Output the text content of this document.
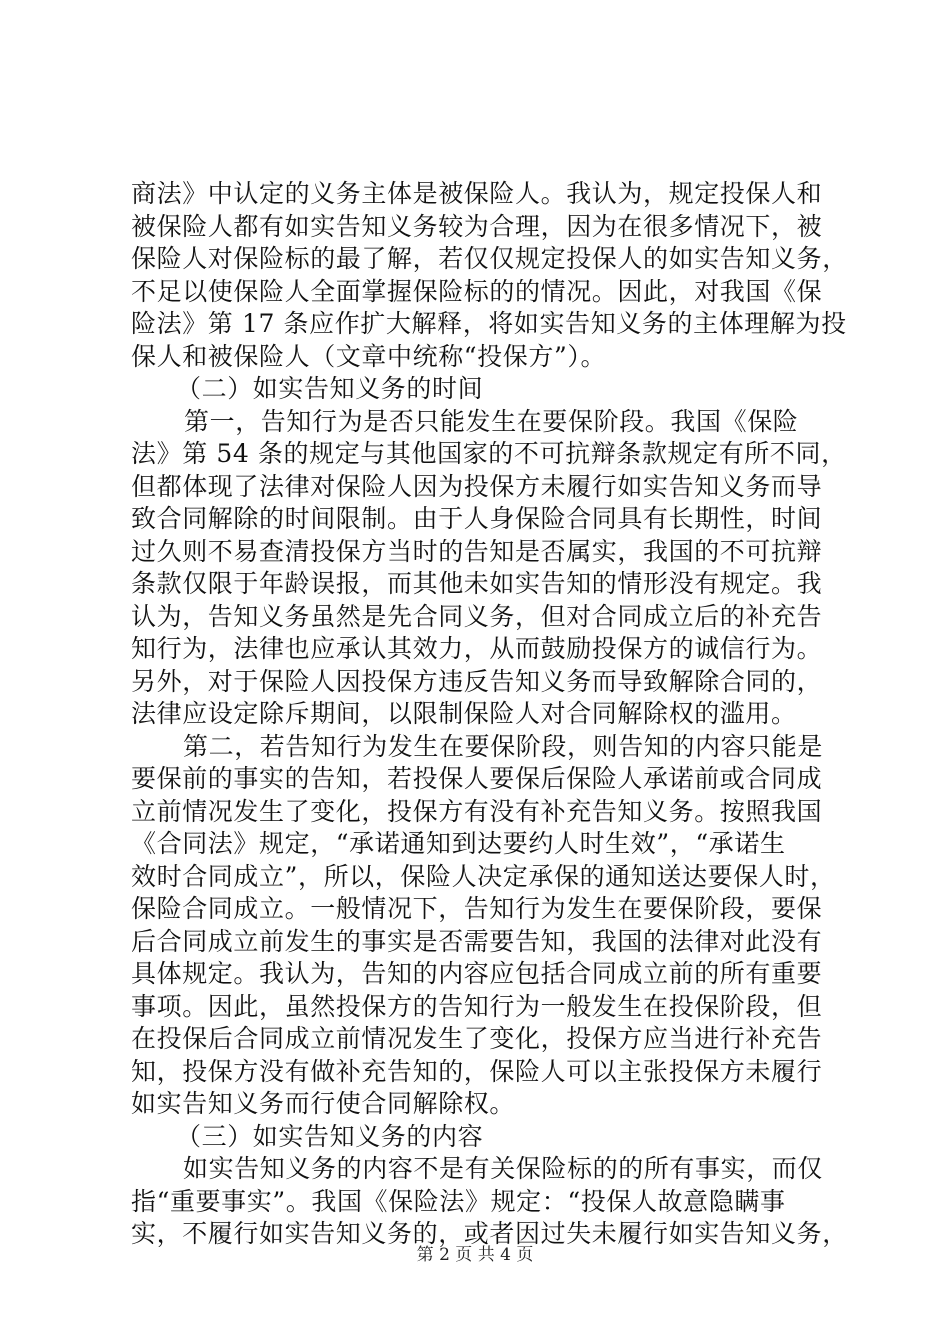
商法》中认定的义务主体是被保险人。我认为，规定投保人和
被保险人都有如实告知义务较为合理，因为在很多情况下，被
保险人对保险标的最了解，若仅仅规定投保人的如实告知义务，
不足以使保险人全面掌握保险标的的情况。因此，对我国《保
险法》第 17 条应作扩大解释，将如实告知义务的主体理解为投
保人和被保险人（文章中统称“投保方”）。
（二）如实告知义务的时间
第一，告知行为是否只能发生在要保阶段。我国《保险
法》第 54 条的规定与其他国家的不可抗辩条款规定有所不同，
但都体现了法律对保险人因为投保方未履行如实告知义务而导
致合同解除的时间限制。由于人身保险合同具有长期性，时间
过久则不易查清投保方当时的告知是否属实，我国的不可抗辩
条款仅限于年龄误报，而其他未如实告知的情形没有规定。我
认为，告知义务虽然是先合同义务，但对合同成立后的补充告
知行为，法律也应承认其效力，从而鼓励投保方的诚信行为。
另外，对于保险人因投保方违反告知义务而导致解除合同的，
法律应设定除斥期间，以限制保险人对合同解除权的滥用。
第二，若告知行为发生在要保阶段，则告知的内容只能是
要保前的事实的告知，若投保人要保后保险人承诺前或合同成
立前情况发生了变化，投保方有没有补充告知义务。按照我国
《合同法》规定，“承诺通知到达要约人时生效”，“承诺生
效时合同成立”，所以，保险人决定承保的通知送达要保人时，
保险合同成立。一般情况下，告知行为发生在要保阶段，要保
后合同成立前发生的事实是否需要告知，我国的法律对此没有
具体规定。我认为，告知的内容应包括合同成立前的所有重要
事项。因此，虽然投保方的告知行为一般发生在投保阶段，但
在投保后合同成立前情况发生了变化，投保方应当进行补充告
知，投保方没有做补充告知的，保险人可以主张投保方未履行
如实告知义务而行使合同解除权。
（三）如实告知义务的内容
如实告知义务的内容不是有关保险标的的所有事实，而仅
指“重要事实”。我国《保险法》规定：“投保人故意隐瞒事
实，不履行如实告知义务的，或者因过失未履行如实告知义务，
第 2 页 共 4 页
